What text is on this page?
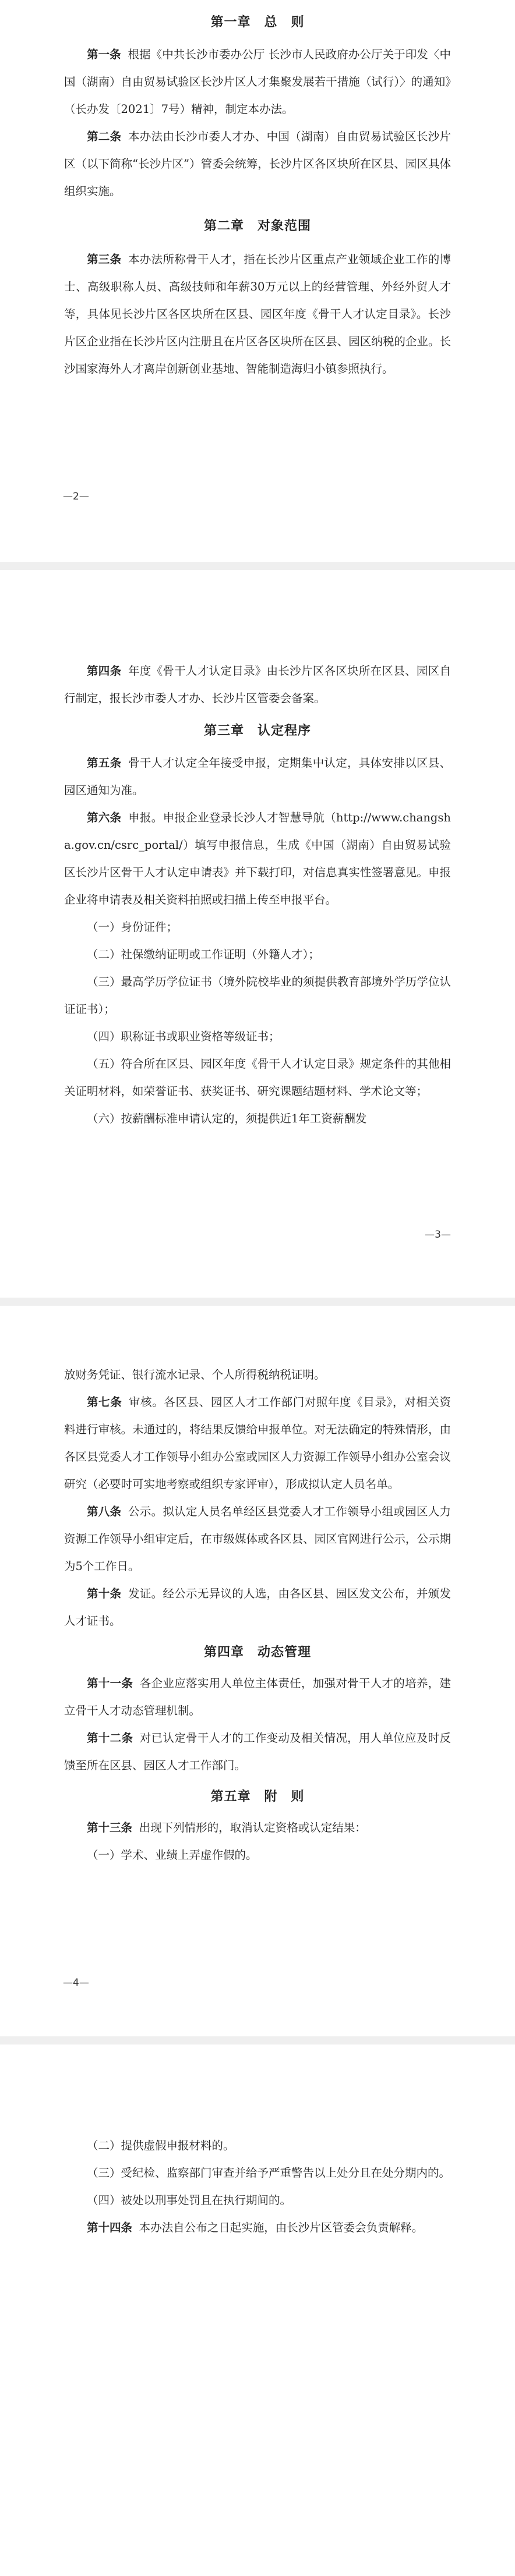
第一章　总　则

第一条 根据《中共长沙市委办公厅 长沙市人民政府办公厅关于印发〈中国（湖南）自由贸易试验区长沙片区人才集聚发展若干措施（试行）〉的通知》（长办发〔2021〕7号）精神，制定本办法。

第二条 本办法由长沙市委人才办、中国（湖南）自由贸易试验区长沙片区（以下简称“长沙片区”）管委会统筹，长沙片区各区块所在区县、园区具体组织实施。

第二章　对象范围

第三条 本办法所称骨干人才，指在长沙片区重点产业领域企业工作的博士、高级职称人员、高级技师和年薪30万元以上的经营管理、外经外贸人才等，具体见长沙片区各区块所在区县、园区年度《骨干人才认定目录》。长沙片区企业指在长沙片区内注册且在片区各区块所在区县、园区纳税的企业。长沙国家海外人才离岸创新创业基地、智能制造海归小镇参照执行。

—2—

第四条 年度《骨干人才认定目录》由长沙片区各区块所在区县、园区自行制定，报长沙市委人才办、长沙片区管委会备案。

第三章　认定程序

第五条 骨干人才认定全年接受申报，定期集中认定，具体安排以区县、园区通知为准。

第六条 申报。申报企业登录长沙人才智慧导航（http://www.changsha.gov.cn/csrc_portal/）填写申报信息，生成《中国（湖南）自由贸易试验区长沙片区骨干人才认定申请表》并下载打印，对信息真实性签署意见。申报企业将申请表及相关资料拍照或扫描上传至申报平台。

（一）身份证件；

（二）社保缴纳证明或工作证明（外籍人才）；

（三）最高学历学位证书（境外院校毕业的须提供教育部境外学历学位认证证书）；

（四）职称证书或职业资格等级证书；

（五）符合所在区县、园区年度《骨干人才认定目录》规定条件的其他相关证明材料，如荣誉证书、获奖证书、研究课题结题材料、学术论文等；

（六）按薪酬标准申请认定的，须提供近1年工资薪酬发

—3—

放财务凭证、银行流水记录、个人所得税纳税证明。

第七条 审核。各区县、园区人才工作部门对照年度《目录》，对相关资料进行审核。未通过的，将结果反馈给申报单位。对无法确定的特殊情形，由各区县党委人才工作领导小组办公室或园区人力资源工作领导小组办公室会议研究（必要时可实地考察或组织专家评审），形成拟认定人员名单。

第八条 公示。拟认定人员名单经区县党委人才工作领导小组或园区人力资源工作领导小组审定后，在市级媒体或各区县、园区官网进行公示，公示期为5个工作日。

第十条 发证。经公示无异议的人选，由各区县、园区发文公布，并颁发人才证书。

第四章　动态管理

第十一条 各企业应落实用人单位主体责任，加强对骨干人才的培养，建立骨干人才动态管理机制。

第十二条 对已认定骨干人才的工作变动及相关情况，用人单位应及时反馈至所在区县、园区人才工作部门。

第五章　附　则

第十三条 出现下列情形的，取消认定资格或认定结果：

（一）学术、业绩上弄虚作假的。

—4—

（二）提供虚假申报材料的。

（三）受纪检、监察部门审查并给予严重警告以上处分且在处分期内的。

（四）被处以刑事处罚且在执行期间的。

第十四条 本办法自公布之日起实施，由长沙片区管委会负责解释。
